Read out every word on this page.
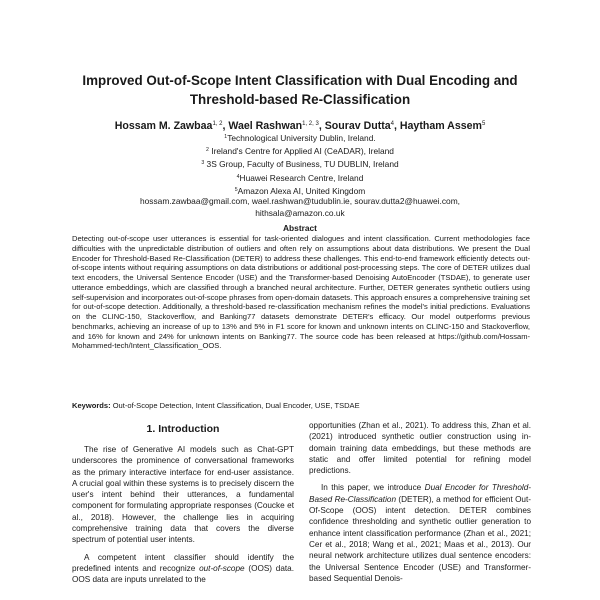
Improved Out-of-Scope Intent Classification with Dual Encoding and Threshold-based Re-Classification
Hossam M. Zawbaa$^{1, 2}$, Wael Rashwan$^{1, 2, 3}$, Sourav Dutta$^4$, Haytham Assem$^5$
$^1$Technological University Dublin, Ireland.
$^2$ Ireland's Centre for Applied AI (CeADAR), Ireland
$^3$ 3S Group, Faculty of Business, TU DUBLIN, Ireland
$^4$Huawei Research Centre, Ireland
$^5$Amazon Alexa AI, United Kingdom
hossam.zawbaa@gmail.com, wael.rashwan@tudublin.ie, sourav.dutta2@huawei.com,
hithsala@amazon.co.uk
Abstract
Detecting out-of-scope user utterances is essential for task-oriented dialogues and intent classification. Current methodologies face difficulties with the unpredictable distribution of outliers and often rely on assumptions about data distributions. We present the Dual Encoder for Threshold-Based Re-Classification (DETER) to address these challenges. This end-to-end framework efficiently detects out-of-scope intents without requiring assumptions on data distributions or additional post-processing steps. The core of DETER utilizes dual text encoders, the Universal Sentence Encoder (USE) and the Transformer-based Denoising AutoEncoder (TSDAE), to generate user utterance embeddings, which are classified through a branched neural architecture. Further, DETER generates synthetic outliers using self-supervision and incorporates out-of-scope phrases from open-domain datasets. This approach ensures a comprehensive training set for out-of-scope detection. Additionally, a threshold-based re-classification mechanism refines the model's initial predictions. Evaluations on the CLINC-150, Stackoverflow, and Banking77 datasets demonstrate DETER's efficacy. Our model outperforms previous benchmarks, achieving an increase of up to 13% and 5% in F1 score for known and unknown intents on CLINC-150 and Stackoverflow, and 16% for known and 24% for unknown intents on Banking77. The source code has been released at https://github.com/Hossam-Mohammed-tech/Intent_Classification_OOS.
Keywords: Out-of-Scope Detection, Intent Classification, Dual Encoder, USE, TSDAE
1. Introduction

The rise of Generative AI models such as Chat-GPT underscores the prominence of conversational frameworks as the primary interactive interface for end-user assistance. A crucial goal within these systems is to precisely discern the user's intent behind their utterances, a fundamental component for formulating appropriate responses (Coucke et al., 2018). However, the challenge lies in acquiring comprehensive training data that covers the diverse spectrum of potential user intents.

A competent intent classifier should identify the predefined intents and recognize out-of-scope (OOS) data. OOS data are inputs unrelated to the

opportunities (Zhan et al., 2021). To address this, Zhan et al. (2021) introduced synthetic outlier construction using in-domain training data embeddings, but these methods are static and offer limited potential for refining model predictions.

In this paper, we introduce Dual Encoder for Threshold-Based Re-Classification (DETER), a method for efficient Out-Of-Scope (OOS) intent detection. DETER combines confidence thresholding and synthetic outlier generation to enhance intent classification performance (Zhan et al., 2021; Cer et al., 2018; Wang et al., 2021; Maas et al., 2013). Our neural network architecture utilizes dual sentence encoders: the Universal Sentence Encoder (USE) and Transformer-based Sequential Denois-
